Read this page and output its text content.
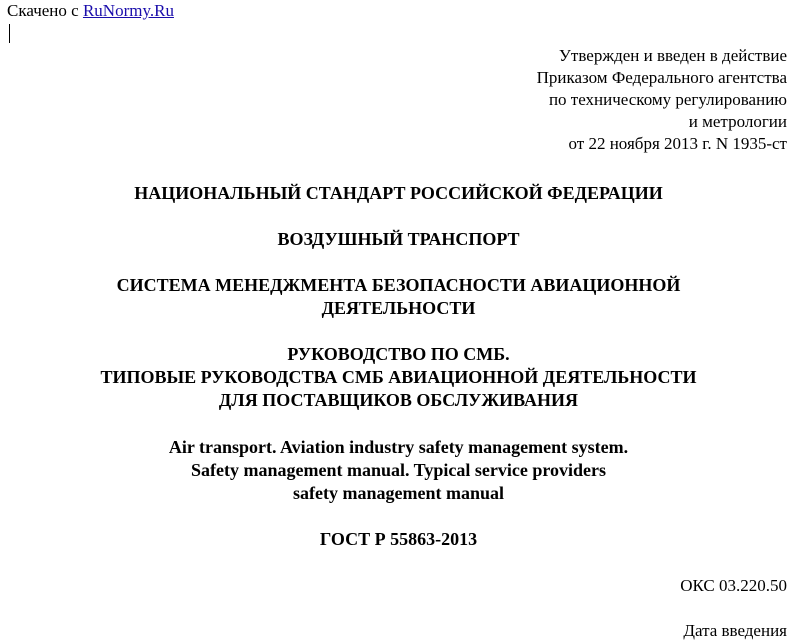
Скачено с RuNormy.Ru
Утвержден и введен в действие
Приказом Федерального агентства
по техническому регулированию
и метрологии
от 22 ноября 2013 г. N 1935-ст
НАЦИОНАЛЬНЫЙ СТАНДАРТ РОССИЙСКОЙ ФЕДЕРАЦИИ
ВОЗДУШНЫЙ ТРАНСПОРТ
СИСТЕМА МЕНЕДЖМЕНТА БЕЗОПАСНОСТИ АВИАЦИОННОЙ
ДЕЯТЕЛЬНОСТИ
РУКОВОДСТВО ПО СМБ.
ТИПОВЫЕ РУКОВОДСТВА СМБ АВИАЦИОННОЙ ДЕЯТЕЛЬНОСТИ
ДЛЯ ПОСТАВЩИКОВ ОБСЛУЖИВАНИЯ
Air transport. Aviation industry safety management system.
Safety management manual. Typical service providers
safety management manual
ГОСТ Р 55863-2013
ОКС 03.220.50
Дата введения
